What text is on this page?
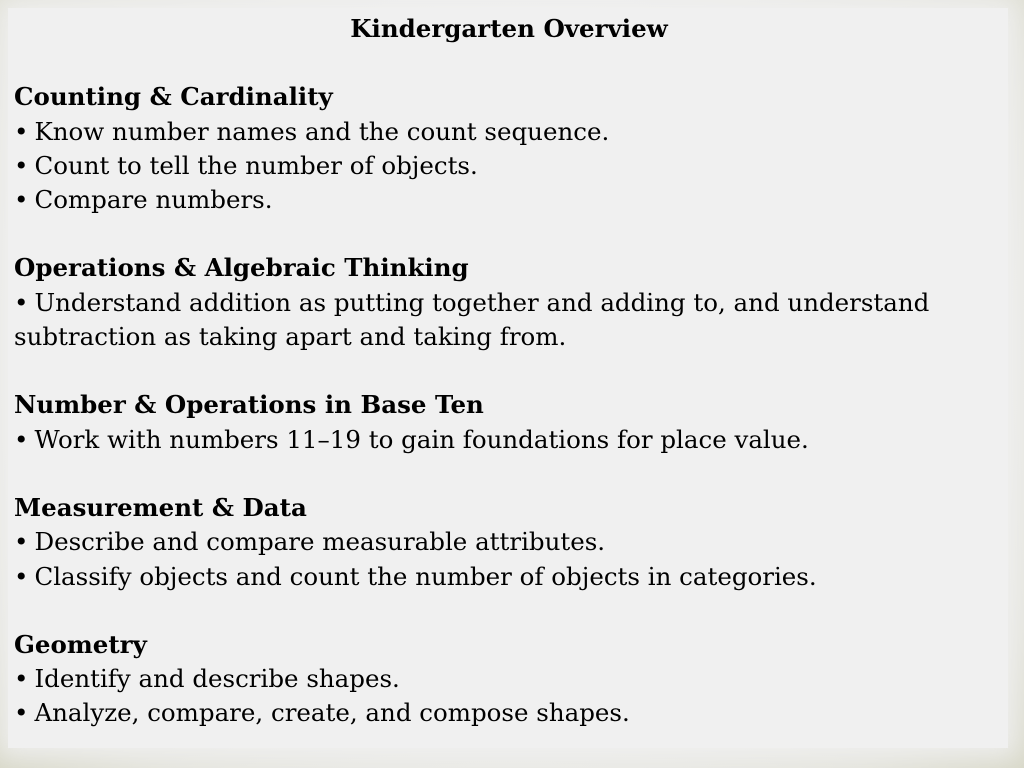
Kindergarten Overview
Counting & Cardinality
• Know number names and the count sequence.
• Count to tell the number of objects.
• Compare numbers.
Operations & Algebraic Thinking
• Understand addition as putting together and adding to, and understand subtraction as taking apart and taking from.
Number & Operations in Base Ten
• Work with numbers 11–19 to gain foundations for place value.
Measurement & Data
• Describe and compare measurable attributes.
• Classify objects and count the number of objects in categories.
Geometry
• Identify and describe shapes.
• Analyze, compare, create, and compose shapes.
